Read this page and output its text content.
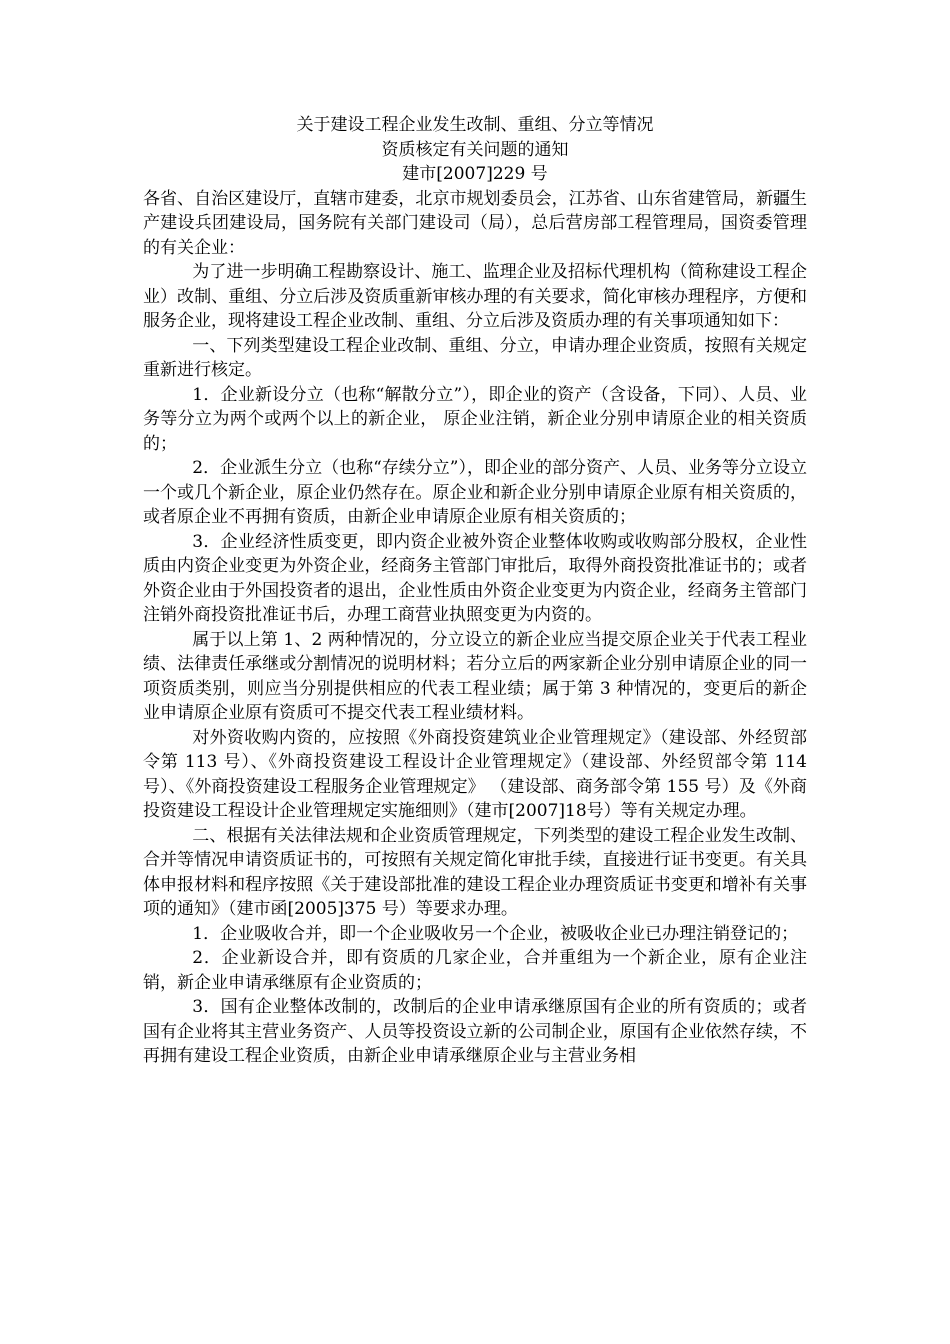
关于建设工程企业发生改制、重组、分立等情况

资质核定有关问题的通知

建市[2007]229 号

各省、自治区建设厅，直辖市建委，北京市规划委员会，江苏省、山东省建管局，新疆生产建设兵团建设局，国务院有关部门建设司（局），总后营房部工程管理局，国资委管理的有关企业：

为了进一步明确工程勘察设计、施工、监理企业及招标代理机构（简称建设工程企业）改制、重组、分立后涉及资质重新审核办理的有关要求，简化审核办理程序，方便和服务企业，现将建设工程企业改制、重组、分立后涉及资质办理的有关事项通知如下：

一、下列类型建设工程企业改制、重组、分立，申请办理企业资质，按照有关规定重新进行核定。

1．企业新设分立（也称“解散分立”），即企业的资产（含设备，下同）、人员、业务等分立为两个或两个以上的新企业， 原企业注销，新企业分别申请原企业的相关资质的；

2．企业派生分立（也称“存续分立”），即企业的部分资产、人员、业务等分立设立一个或几个新企业，原企业仍然存在。原企业和新企业分别申请原企业原有相关资质的，或者原企业不再拥有资质，由新企业申请原企业原有相关资质的；

3．企业经济性质变更，即内资企业被外资企业整体收购或收购部分股权，企业性质由内资企业变更为外资企业，经商务主管部门审批后，取得外商投资批准证书的；或者外资企业由于外国投资者的退出，企业性质由外资企业变更为内资企业，经商务主管部门注销外商投资批准证书后，办理工商营业执照变更为内资的。

属于以上第 1、2 两种情况的，分立设立的新企业应当提交原企业关于代表工程业绩、法律责任承继或分割情况的说明材料；若分立后的两家新企业分别申请原企业的同一项资质类别，则应当分别提供相应的代表工程业绩；属于第 3 种情况的，变更后的新企业申请原企业原有资质可不提交代表工程业绩材料。

对外资收购内资的，应按照《外商投资建筑业企业管理规定》（建设部、外经贸部令第 113 号）、《外商投资建设工程设计企业管理规定》（建设部、外经贸部令第 114 号）、《外商投资建设工程服务企业管理规定》 （建设部、商务部令第 155 号）及《外商投资建设工程设计企业管理规定实施细则》（建市[2007]18号）等有关规定办理。

二、根据有关法律法规和企业资质管理规定，下列类型的建设工程企业发生改制、合并等情况申请资质证书的，可按照有关规定简化审批手续，直接进行证书变更。有关具体申报材料和程序按照《关于建设部批准的建设工程企业办理资质证书变更和增补有关事项的通知》（建市函[2005]375 号）等要求办理。

1．企业吸收合并，即一个企业吸收另一个企业，被吸收企业已办理注销登记的；

2．企业新设合并，即有资质的几家企业，合并重组为一个新企业，原有企业注销，新企业申请承继原有企业资质的；

3．国有企业整体改制的，改制后的企业申请承继原国有企业的所有资质的；或者国有企业将其主营业务资产、人员等投资设立新的公司制企业，原国有企业依然存续，不再拥有建设工程企业资质，由新企业申请承继原企业与主营业务相
